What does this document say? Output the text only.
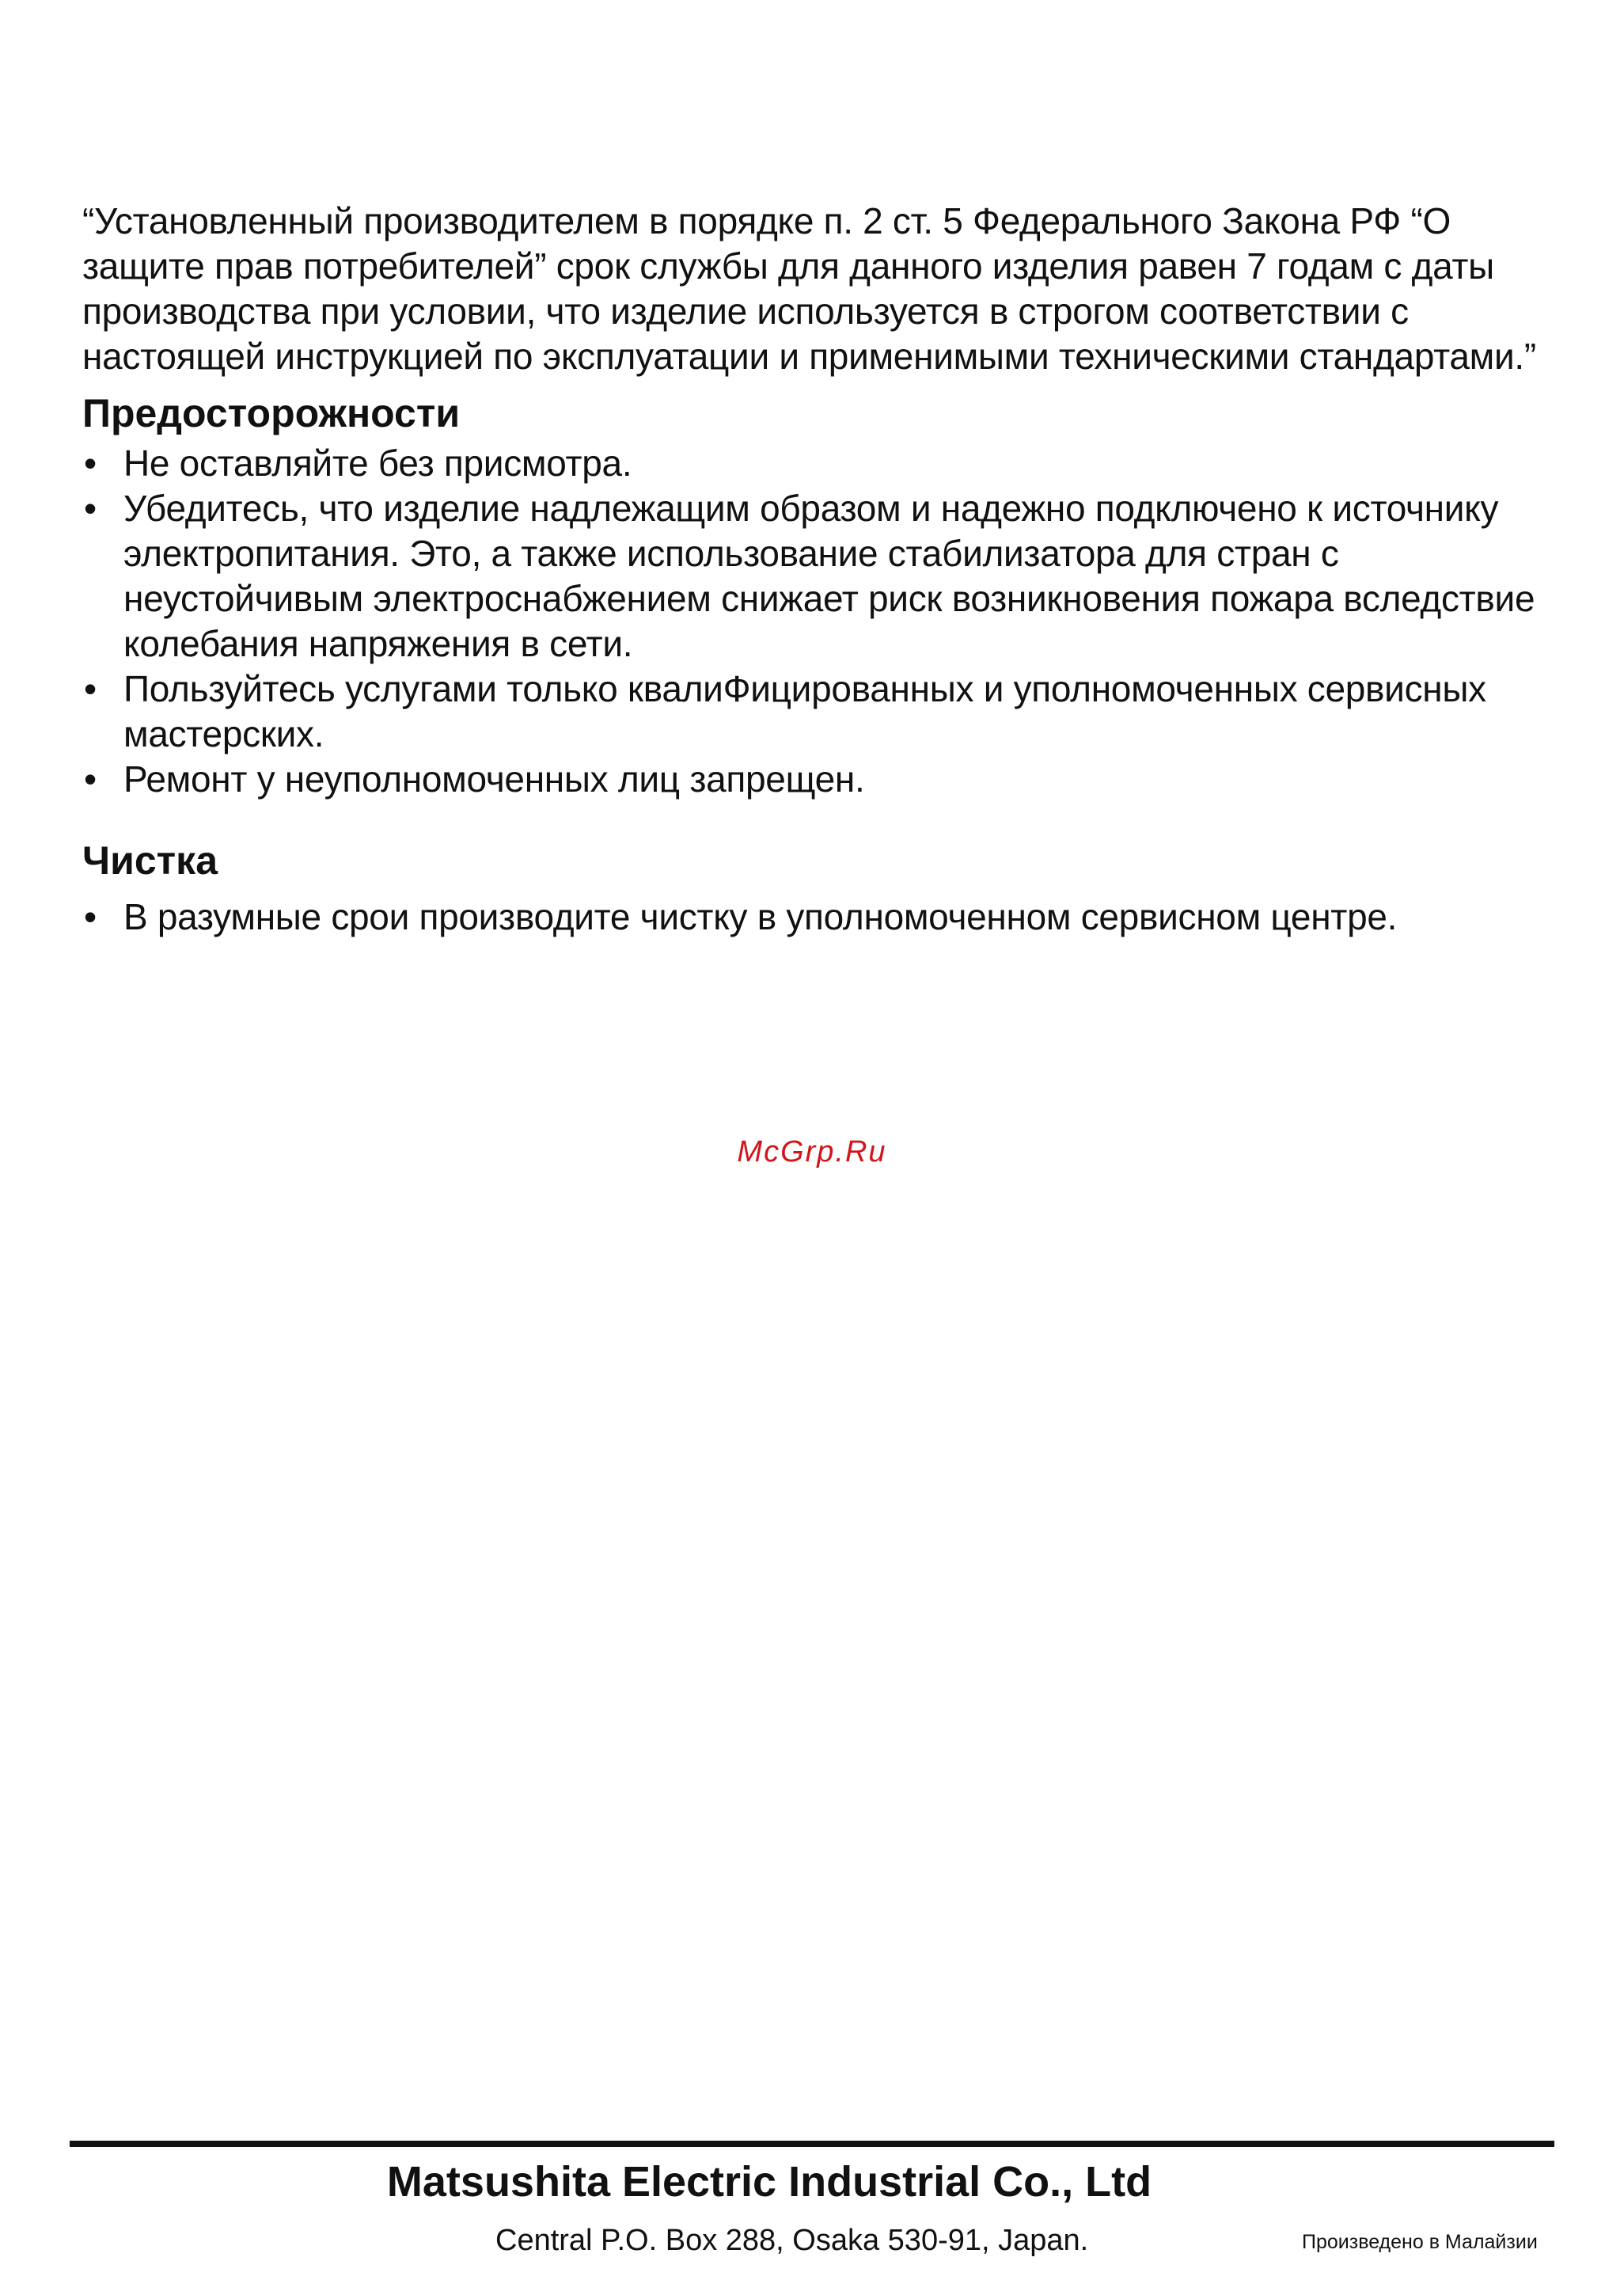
“Установленный производителем в порядке п. 2 ст. 5 Федерального Закона РФ “О защите прав потребителей” срок службы для данного изделия равен 7 годам с даты производства при условии, что изделие используется в строгом соответствии с настоящей инструкцией по эксплуатации и применимыми техническими стандартами.”

Предосторожности
• Не оставляйте без присмотра.
• Убедитесь, что изделие надлежащим образом и надежно подключено к источнику электропитания. Это, а также использование стабилизатора для стран с неустойчивым электроснабжением снижает риск возникновения пожара вследствие колебания напряжения в сети.
• Пользуйтесь услугами только квалиФицированных и уполномоченных сервисных мастерских.
• Ремонт у неуполномоченных лиц запрещен.
Чистка
• В разумные срои производите чистку в уполномоченном сервисном центре.
McGrp.Ru
Matsushita Electric Industrial Co., Ltd
Central P.O. Box 288, Osaka 530-91, Japan.	Произведено в Малайзии
